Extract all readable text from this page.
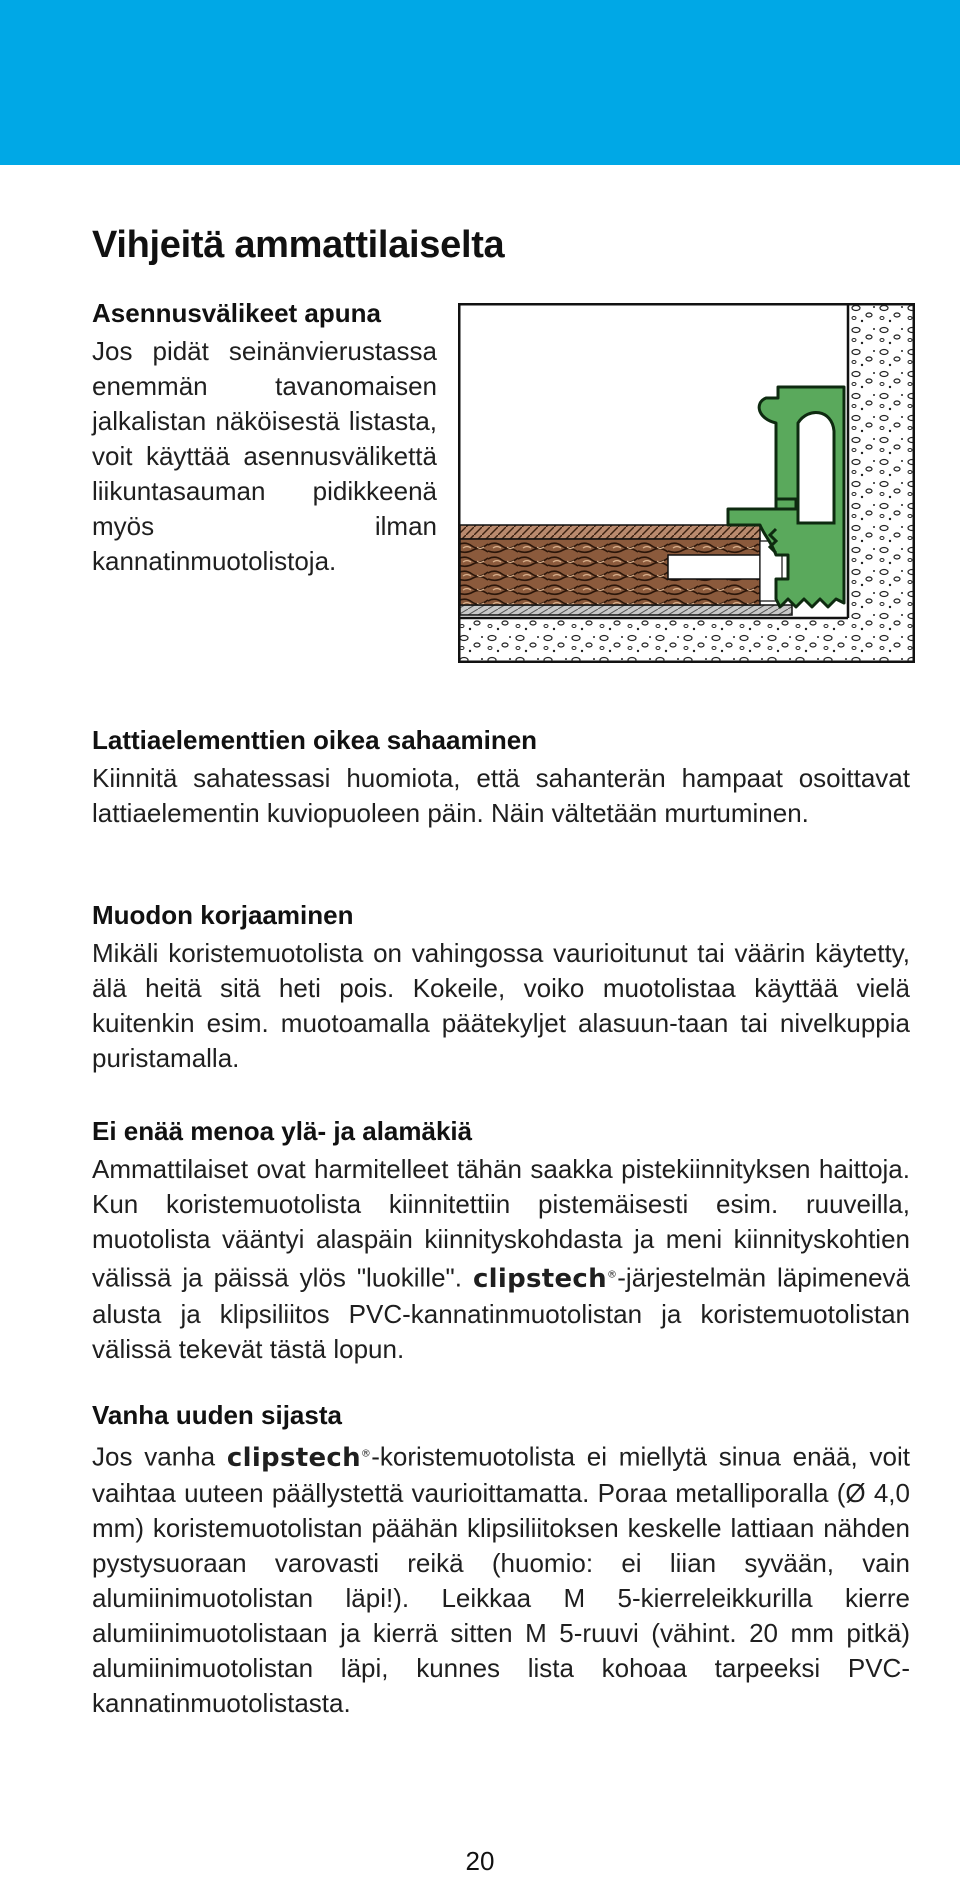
Vihjeitä ammattilaiselta
Asennusvälikeet apuna

Jos pidät seinänvierustassa enemmän tavanomaisen jalkalistan näköisestä listasta, voit käyttää asennusvälikettä liikuntasauman pidikkeenä myös ilman kannatinmuotolistoja.

Lattiaelementtien oikea sahaaminen

Kiinnitä sahatessasi huomiota, että sahanterän hampaat osoittavat lattiaelementin kuviopuoleen päin. Näin vältetään murtuminen.

Muodon korjaaminen

Mikäli koristemuotolista on vahingossa vaurioitunut tai väärin käytetty, älä heitä sitä heti pois. Kokeile, voiko muotolistaa käyttää vielä kuitenkin esim. muotoamalla päätekyljet alasuun-taan tai nivelkuppia puristamalla.

Ei enää menoa ylä- ja alamäkiä

Ammattilaiset ovat harmitelleet tähän saakka pistekiinnityksen haittoja. Kun koristemuotolista kiinnitettiin pistemäisesti esim. ruuveilla, muotolista vääntyi alaspäin kiinnityskohdasta ja meni kiinnityskohtien välissä ja päissä ylös "luokille". clipstech®-järjestelmän läpimenevä alusta ja klipsiliitos PVC-kannatinmuotolistan ja koristemuotolistan välissä tekevät tästä lopun.

Vanha uuden sijasta

Jos vanha clipstech®-koristemuotolista ei miellytä sinua enää, voit vaihtaa uuteen päällystettä vaurioittamatta. Poraa metalliporalla (Ø 4,0 mm) koristemuotolistan päähän klipsiliitoksen keskelle lattiaan nähden pystysuoraan varovasti reikä (huomio: ei liian syvään, vain alumiinimuotolistan läpi!). Leikkaa M 5-kierreleikkurilla kierre alumiinimuotolistaan ja kierrä sitten M 5-ruuvi (vähint. 20 mm pitkä) alumiinimuotolistan läpi, kunnes lista kohoaa tarpeeksi PVC-kannatinmuotolistasta.

20
